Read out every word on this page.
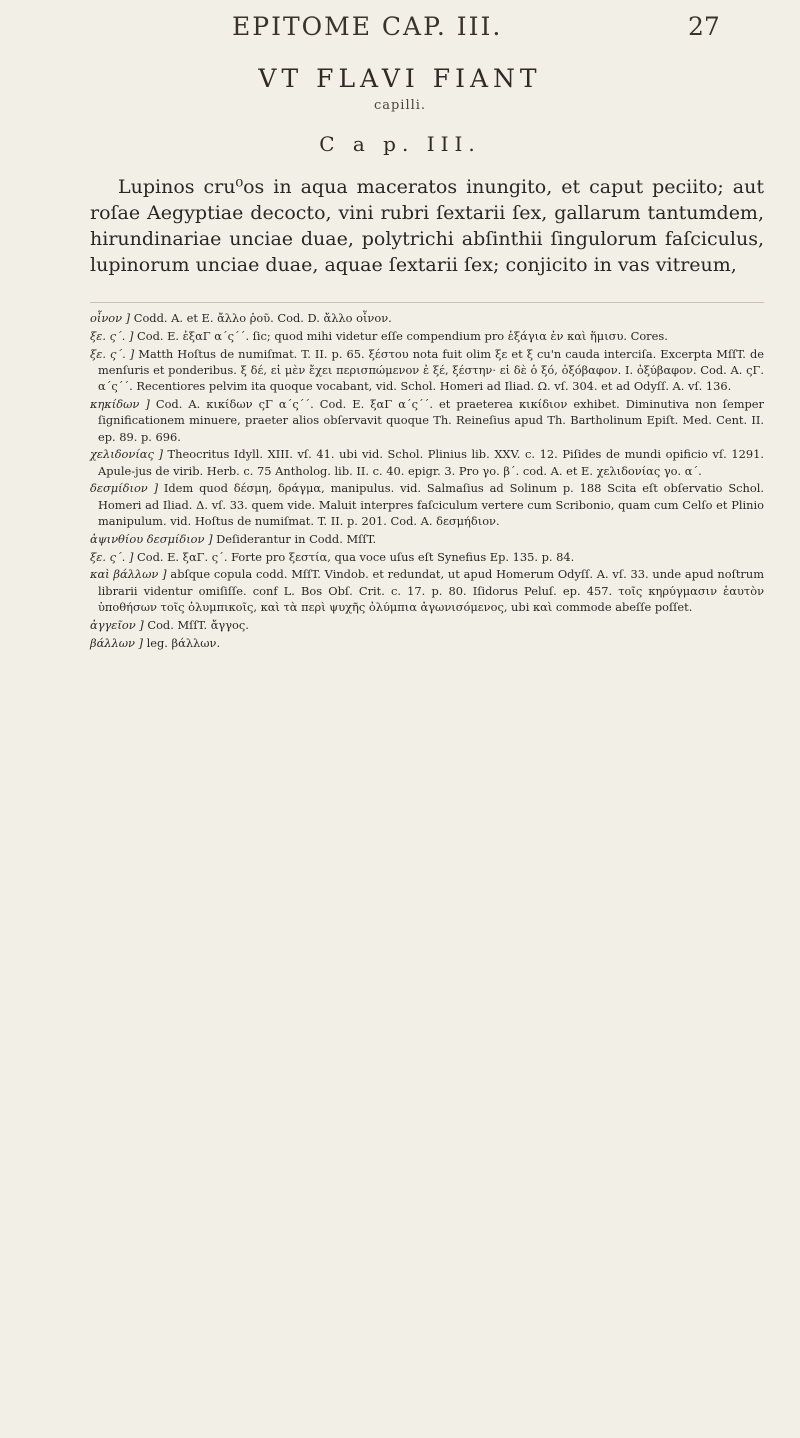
EPITOME CAP. III.	27
VT FLAVI FIANT
capilli.
C a p. III.

Lupinos cru⁰os in aqua maceratos inungito, et caput peciito; aut roſae Aegyptiae decocto, vini rubri ſextarii ſex, gallarum tantumdem, hirundinariae unciae duae, polytrichi abſinthii ſingulorum faſciculus, lupinorum unciae duae, aquae ſextarii ſex; conjicito in vas vitreum,

οἶνον ] Codd. A. et E. ἄλλο ῥοῦ. Cod. D. ἄλλο οἶνον.
ξε. ς΄. ] Cod. E. ἐξαΓ α΄ς΄΄. ſic; quod mihi videtur eſſe compendium pro ἑξάγια ἐν καὶ ἥμισυ. Cores.
ξε. ς΄. ] Matth Hoſtus de numiſmat. T. II. p. 65. ξέστου nota fuit olim ξε et ξ cu'n cauda interciſa. Excerpta MſſT. de menſuris et ponderibus. ξ δέ, εἰ μὲν ἔχει περισπώμενον ἐ ξέ, ξέστην· εἰ δὲ ὁ ξό, ὀξόβαφον. I. ὀξύβαφον. Cod. A. ςΓ. α΄ς΄΄. Recentiores pelvim ita quoque vocabant, vid. Schol. Homeri ad Iliad. Ω. vſ. 304. et ad Odyſſ. A. vſ. 136.
κηκίδων ] Cod. A. κικίδων ςΓ α΄ς΄΄. Cod. E. ξαΓ α΄ς΄΄. et praeterea κικίδιον exhibet. Diminutiva non ſemper ſignificationem minuere, praeter alios obſervavit quoque Th. Reineſius apud Th. Bartholinum Epiſt. Med. Cent. II. ep. 89. p. 696.
χελιδονίας ] Theocritus Idyll. XIII. vſ. 41. ubi vid. Schol. Plinius lib. XXV. c. 12. Piſides de mundi opificio vſ. 1291. Apule-jus de virib. Herb. c. 75 Antholog. lib. II. c. 40. epigr. 3. Pro γο. β΄. cod. A. et E. χελιδονίας γο. α΄.
δεσμίδιον ] Idem quod δέσμη, δράγμα, manipulus. vid. Salmaſius ad Solinum p. 188 Scita eſt obſervatio Schol. Homeri ad Iliad. Δ. vſ. 33. quem vide. Maluit interpres faſciculum vertere cum Scribonio, quam cum Celſo et Plinio manipulum. vid. Hoſtus de numiſmat. T. II. p. 201. Cod. A. δεσμήδιον.
ἀψινθίου δεσμίδιον ] Deſiderantur in Codd. MſſT.
ξε. ς΄. ] Cod. E. ξαΓ. ς΄. Forte pro ξεστία, qua voce uſus eſt Synefius Ep. 135. p. 84.
καὶ βάλλων ] abſque copula codd. MſſT. Vindob. et redundat, ut apud Homerum Odyſſ. A. vſ. 33. unde apud noſtrum librarii videntur omiſiſſe. conf L. Bos Obſ. Crit. c. 17. p. 80. Iſidorus Peluſ. ep. 457. τοῖς κηρύγμασιν ἑαυτὸν ὑποθήσων τοῖς ὀλυμπικοῖς, καὶ τὰ περὶ ψυχῆς ὀλύμπια ἀγωνισόμενος, ubi καὶ commode abeſſe poſſet.
ἀγγεῖον ] Cod. MſſT. ἄγγος.
βάλλων ] leg. βάλλων.
